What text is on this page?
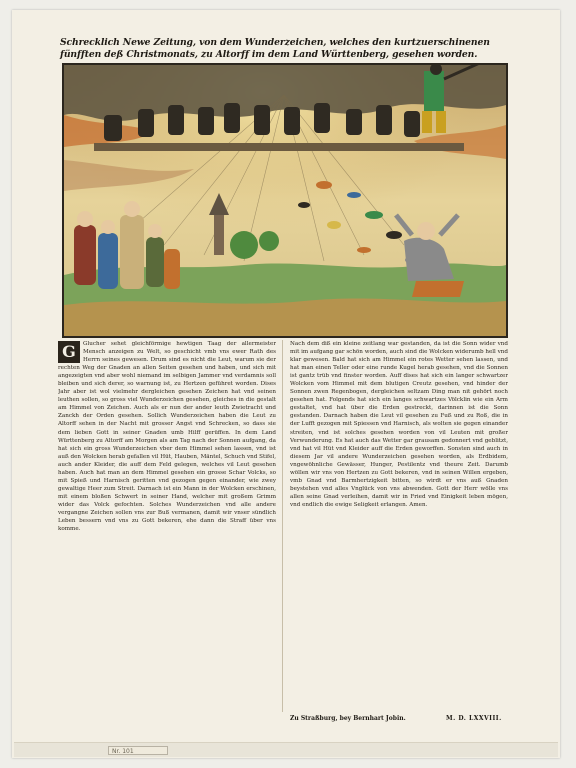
Nr. 101
Schrecklich Newe Zeitung, von dem Wunderzeichen, welches den kurtzuerschinenen fünfften deß Christmonats, zu Altorff im dem Land Württenberg, gesehen worden.
G	Glucher sehet gleichförmige hewtigen Taag der allermeister Mensch anzeigen zu Welt, so geschicht vmb vns ewer Rath des Herrn seines gewesen. Drum sind es nicht die Leut, warum sie der rechten Weg der Gnaden an allen Seiten gesehen und haben, und sich mit angezeigten vnd aber wohl niemand im selbigen Jammer vnd verdamnis soll bleiben und sich derer, so warnung ist, zu Hertzen geführet worden. Dises Jahr aber ist wol vielmehr dergleichen gesehen Zeichen hat vnd seinen leuthen sollen, so gross viel Wunderzeichen gesehen, gleiches in die gestalt am Himmel von Zeichen. Auch als er nun der ander leuth Zwietracht und Zanckh der Orden gesehen. Sollich Wunderzeichen haben die Leut zu Altorff sehen in der Nacht mit grosser Angst vnd Schrecken, so dass sie dem lieben Gott in seiner Gnaden umb Hilff gerüffen. In dem Land Württenberg zu Altorff am Morgen als am Tag nach der Sonnen aufgang, da hat sich ein gross Wunderzeichen vber dem Himmel sehen lassen, vnd ist auß den Wolcken herab gefallen vil Hüt, Hauben, Mäntel, Schuch vnd Stifel, auch ander Kleider, die auff dem Feld gelegen, welches vil Leut gesehen haben. Auch hat man an dem Himmel gesehen ein grosse Schar Volcks, so mit Spieß und Harnisch geritten vnd gezogen gegen einander, wie zwey gewaltige Heer zum Streit. Darnach ist ein Mann in der Wolcken erschinen, mit einem bloßen Schwert in seiner Hand, welcher mit großem Grimm wider das Volck gefochten. Solches Wunderzeichen vnd alle andere vergangne Zeichen sollen vns zur Buß vermanen, damit wir vnser sündlich Leben bessern vnd vns zu Gott bekeren, ehe dann die Straff über vns komme.
Nach dem diß ein kleine zeitlang war gestanden, da ist die Sonn wider vnd mit im aufgang gar schön worden, auch sind die Wolcken widerumb hell vnd klar gewesen. Bald hat sich am Himmel ein rotes Wetter sehen lassen, und hat man einen Teller oder eine runde Kugel herab gesehen, vnd die Sonnen ist gantz trüb vnd finster worden. Auff dises hat sich ein langer schwartzer Wolcken vom Himmel mit dem blutigen Creutz gesehen, vnd hinder der Sonnen zwen Regenbogen, dergleichen seltzam Ding man nit gehört noch gesehen hat. Folgends hat sich ein langes schwartzes Völcklin wie ein Arm gestaltet, vnd hat über die Erden gestreckt, darinnen ist die Sonn gestanden. Darnach haben die Leut vil gesehen zu Fuß und zu Roß, die in der Lufft gezogen mit Spiessen vnd Harnisch, als wolten sie gegen einander streiten, vnd ist solches gesehen worden von vil Leuten mit großer Verwunderung. Es hat auch das Wetter gar grausam gedonnert vnd geblitzt, vnd hat vil Hüt vnd Kleider auff die Erden geworffen. Sonsten sind auch in diesem Jar vil andere Wunderzeichen gesehen worden, als Erdbidem, vngewöhnliche Gewässer, Hunger, Pestilentz vnd theure Zeit. Darumb wöllen wir vns von Hertzen zu Gott bekeren, vnd in seinen Willen ergeben, vmb Gnad vnd Barmhertzigkeit bitten, so wirdt er vns auß Gnaden beystehen vnd alles Vnglück von vns abwenden. Gott der Herr wölle vns allen seine Gnad verleihen, damit wir in Fried vnd Einigkeit leben mögen, vnd endlich die ewige Seligkeit erlangen. Amen.
Zu Straßburg, bey Bernhart Jobin.	M. D. LXXVIII.
